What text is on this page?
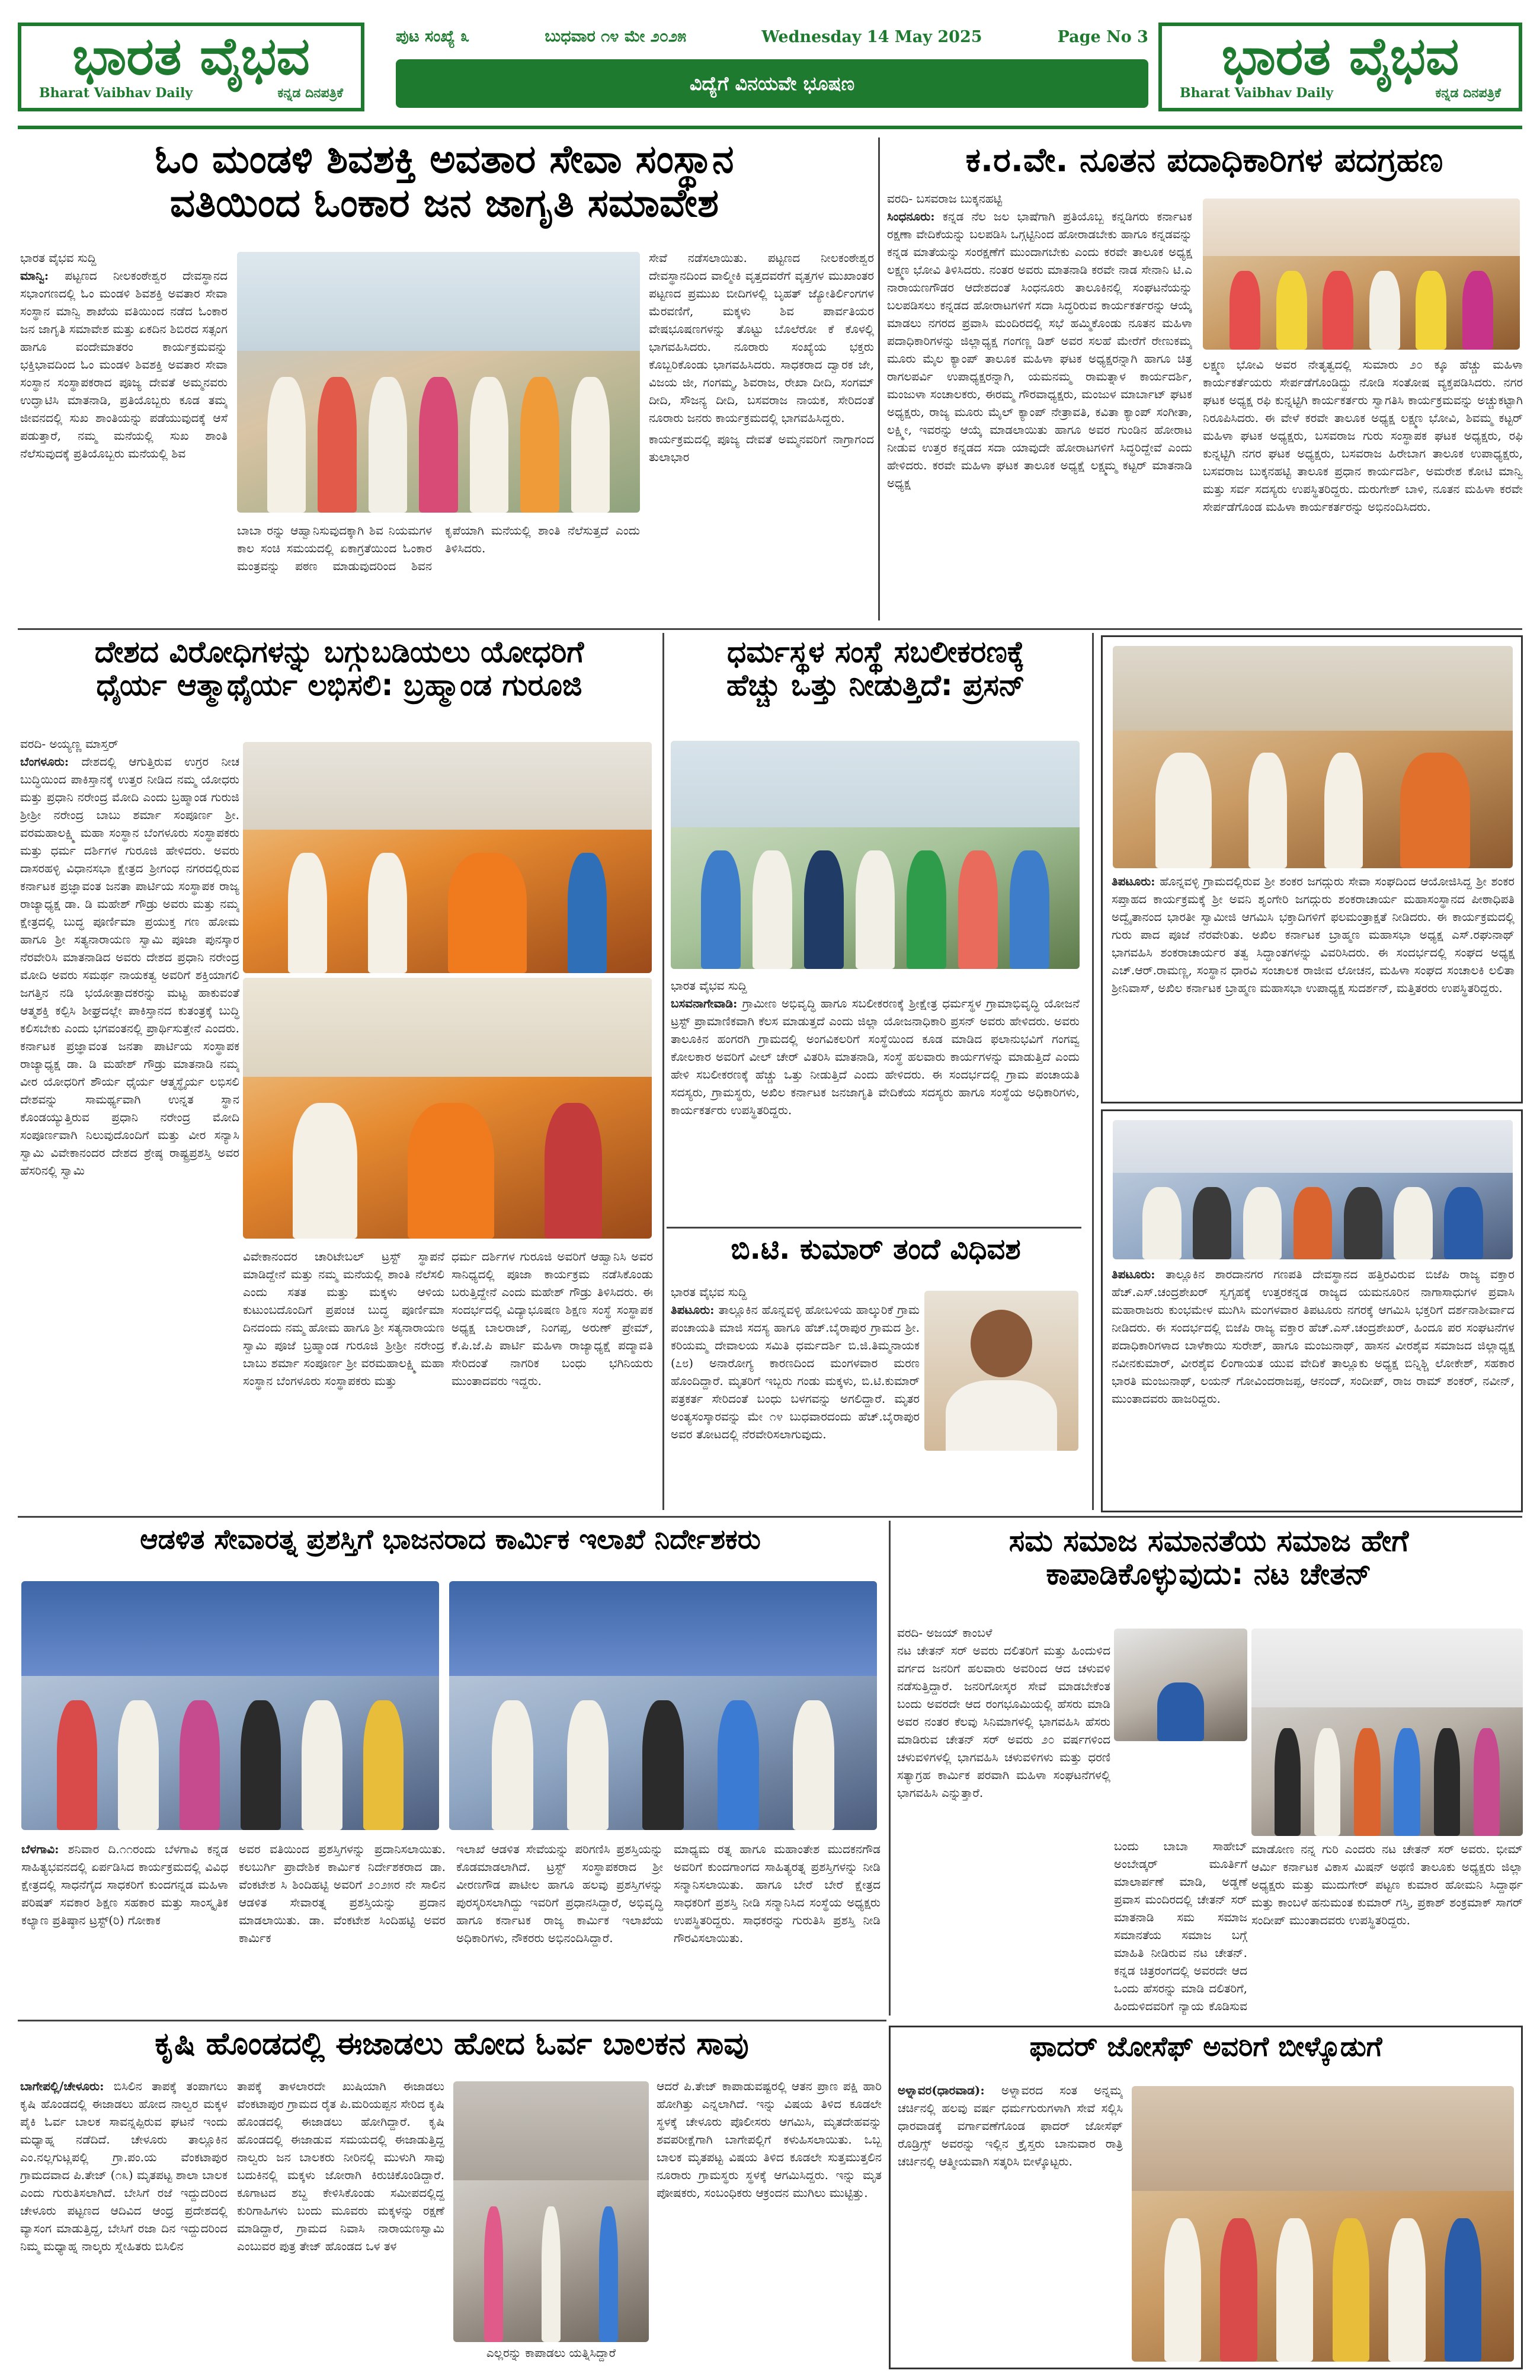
ಭಾರತ ವೈಭವ
Bharat Vaibhav Daily	ಕನ್ನಡ ದಿನಪತ್ರಿಕೆ
ಪುಟ ಸಂಖ್ಯೆ ೩	ಬುಧವಾರ ೧೪ ಮೇ ೨೦೨೫	Wednesday 14 May 2025	Page No 3
ವಿದ್ಯೆಗೆ ವಿನಯವೇ ಭೂಷಣ	ಭಾರತ ವೈಭವ
Bharat Vaibhav Daily	ಕನ್ನಡ ದಿನಪತ್ರಿಕೆ
ಓಂ ಮಂಡಳಿ ಶಿವಶಕ್ತಿ ಅವತಾರ ಸೇವಾ ಸಂಸ್ಥಾನ
ವತಿಯಿಂದ ಓಂಕಾರ ಜನ ಜಾಗೃತಿ ಸಮಾವೇಶ
ಭಾರತ ವೈಭವ ಸುದ್ದಿ
ಮಾನ್ವಿ: ಪಟ್ಟಣದ ನೀಲಕಂಠೇಶ್ವರ ದೇವಸ್ಥಾನದ ಸಭಾಂಗಣದಲ್ಲಿ ಓಂ ಮಂಡಳಿ ಶಿವಶಕ್ತಿ ಅವತಾರ ಸೇವಾ ಸಂಸ್ಥಾನ ಮಾನ್ವಿ ಶಾಖೆಯ ವತಿಯಿಂದ ನಡೆದ ಓಂಕಾರ ಜನ ಜಾಗೃತಿ ಸಮಾವೇಶ ಮತ್ತು ಏಕದಿನ ಶಿಬಿರದ ಸತ್ಸಂಗ ಹಾಗೂ ವಂದೇಮಾತರಂ ಕಾರ್ಯಕ್ರಮವನ್ನು ಭಕ್ತಿಭಾವದಿಂದ ಓಂ ಮಂಡಳಿ ಶಿವಶಕ್ತಿ ಅವತಾರ ಸೇವಾ ಸಂಸ್ಥಾನ ಸಂಸ್ಥಾಪಕರಾದ ಪೂಜ್ಯ ದೇವತೆ ಅಮ್ಮನವರು ಉದ್ಘಾಟಿಸಿ ಮಾತನಾಡಿ, ಪ್ರತಿಯೊಬ್ಬರು ಕೂಡ ತಮ್ಮ ಜೀವನದಲ್ಲಿ ಸುಖ ಶಾಂತಿಯನ್ನು ಪಡೆಯುವುದಕ್ಕೆ ಆಸೆ ಪಡುತ್ತಾರೆ, ನಮ್ಮ ಮನೆಯಲ್ಲಿ ಸುಖ ಶಾಂತಿ ನೆಲೆಸುವುದಕ್ಕೆ ಪ್ರತಿಯೊಬ್ಬರು ಮನೆಯಲ್ಲಿ ಶಿವ
ಬಾಬಾ ರನ್ನು ಆಹ್ವಾನಿಸುವುದಕ್ಕಾಗಿ ಶಿವ ನಿಯಮಗಳ ಕಾಲ ಸಂಚಿ ಸಮಯದಲ್ಲಿ ಏಕಾಗ್ರತೆಯಿಂದ ಓಂಕಾರ ಮಂತ್ರವನ್ನು ಪಠಣ ಮಾಡುವುದರಿಂದ ಶಿವನ ಕೃಪೆಯಾಗಿ ಮನೆಯಲ್ಲಿ ಶಾಂತಿ ನೆಲೆಸುತ್ತದೆ ಎಂದು ತಿಳಿಸಿದರು.
ಸೇವೆ ನಡೆಸಲಾಯಿತು. ಪಟ್ಟಣದ ನೀಲಕಂಠೇಶ್ವರ ದೇವಸ್ಥಾನದಿಂದ ವಾಲ್ಮೀಕಿ ವೃತ್ತದವರೆಗೆ ವೃತ್ತಗಳ ಮುಖಾಂತರ ಪಟ್ಟಣದ ಪ್ರಮುಖ ಬೀದಿಗಳಲ್ಲಿ ಬೃಹತ್ ಜ್ಯೋತಿರ್ಲಿಂಗಗಳ ಮೆರವಣಿಗೆ, ಮಕ್ಕಳು ಶಿವ ಪಾರ್ವತಿಯರ ವೇಷಭೂಷಣಗಳನ್ನು ತೊಟ್ಟು ಬೊಲೆರೋ ಕೆ ಕೊಳಲ್ಲಿ ಭಾಗವಹಿಸಿದರು. ನೂರಾರು ಸಂಖ್ಯೆಯ ಭಕ್ತರು ಕೊಬ್ಬರಿಕೊಂಡು ಭಾಗವಹಿಸಿದರು. ಸಾಧಕರಾದ ದ್ವಾರಕ ಜೇ, ವಿಜಯ ಜೀ, ಗಂಗಮ್ಮ, ಶಿವರಾಜ, ರೇಖಾ ದೀದಿ, ಸಂಗಮ್ ದೀದಿ, ಸೌಜನ್ಯ ದೀದಿ, ಬಸವರಾಜ ನಾಯಕ, ಸೇರಿದಂತೆ ನೂರಾರು ಜನರು ಕಾರ್ಯಕ್ರಮದಲ್ಲಿ ಭಾಗವಹಿಸಿದ್ದರು.
ಕಾರ್ಯಕ್ರಮದಲ್ಲಿ ಪೂಜ್ಯ ದೇವತೆ ಅಮ್ಮನವರಿಗೆ ನಾಗ್ರಾಗಂದ ತುಲಾಭಾರ
ಕ.ರ.ವೇ. ನೂತನ ಪದಾಧಿಕಾರಿಗಳ ಪದಗ್ರಹಣ
ವರದಿ- ಬಸವರಾಜ ಬುಕ್ಕನಹಟ್ಟಿ
ಸಿಂಧನೂರು: ಕನ್ನಡ ನೆಲ ಜಲ ಭಾಷೆಗಾಗಿ ಪ್ರತಿಯೊಬ್ಬ ಕನ್ನಡಿಗರು ಕರ್ನಾಟಕ ರಕ್ಷಣಾ ವೇದಿಕೆಯನ್ನು ಬಲಪಡಿಸಿ ಒಗ್ಗಟ್ಟಿನಿಂದ ಹೋರಾಡಬೇಕು ಹಾಗೂ ಕನ್ನಡವನ್ನು ಕನ್ನಡ ಮಾತೆಯನ್ನು ಸಂರಕ್ಷಣೆಗೆ ಮುಂದಾಗಬೇಕು ಎಂದು ಕರವೇ ತಾಲೂಕ ಅಧ್ಯಕ್ಷ ಲಕ್ಷ್ಮಣ ಭೋವಿ ತಿಳಿಸಿದರು. ನಂತರ ಅವರು ಮಾತನಾಡಿ ಕರವೇ ನಾಡ ಸೇನಾನಿ ಟಿ.ಎ ನಾರಾಯಣಗೌಡರ ಆದೇಶದಂತೆ ಸಿಂಧನೂರು ತಾಲೂಕಿನಲ್ಲಿ ಸಂಘಟನೆಯನ್ನು ಬಲಪಡಿಸಲು ಕನ್ನಡದ ಹೋರಾಟಗಳಿಗೆ ಸದಾ ಸಿದ್ಧರಿರುವ ಕಾರ್ಯಕರ್ತರನ್ನು ಆಯ್ಕೆ ಮಾಡಲು ನಗರದ ಪ್ರವಾಸಿ ಮಂದಿರದಲ್ಲಿ ಸಭೆ ಹಮ್ಮಿಕೊಂಡು ನೂತನ ಮಹಿಳಾ ಪದಾಧಿಕಾರಿಗಳನ್ನು ಜಿಲ್ಲಾಧ್ಯಕ್ಷ ಗಂಗಣ್ಣ ಡಿಶ್ ಅವರ ಸಲಹೆ ಮೇರೆಗೆ ರೇಣುಕಮ್ಮ ಮೂರು ಮೈಲ ಕ್ಯಾಂಪ್ ತಾಲೂಕ ಮಹಿಳಾ ಘಟಕ ಅಧ್ಯಕ್ಷರನ್ನಾಗಿ ಹಾಗೂ ಚಿತ್ರ ರಾಗಲಪರ್ವಿ ಉಪಾಧ್ಯಕ್ಷರನ್ನಾಗಿ, ಯಮನಮ್ಮ ರಾಮತ್ನಾಳ ಕಾರ್ಯದರ್ಶಿ, ಮಂಜುಳಾ ಸಂಚಾಲಕರು, ಈರಮ್ಮ ಗೌರವಾಧ್ಯಕ್ಷರು, ಮಂಜುಳ ಮಾರ್ಬಾಟ್ ಘಟಕ ಅಧ್ಯಕ್ಷರು, ರಾಜ್ಯ ಮೂರು ಮೈಲ್ ಕ್ಯಾಂಪ್ ನೇತ್ರಾವತಿ, ಕವಿತಾ ಕ್ಯಾಂಪ್ ಸಂಗೀತಾ, ಲಕ್ಷ್ಮೀ, ಇವರನ್ನು ಆಯ್ಕೆ ಮಾಡಲಾಯಿತು ಹಾಗೂ ಅವರ ಗುಂಡಿನ ಹೋರಾಟ ನೀಡುವ ಉತ್ತರ ಕನ್ನಡದ ಸದಾ ಯಾವುದೇ ಹೋರಾಟಗಳಿಗೆ ಸಿದ್ಧರಿದ್ದೇವೆ ಎಂದು ಹೇಳಿದರು. ಕರವೇ ಮಹಿಳಾ ಘಟಕ ತಾಲೂಕ ಅಧ್ಯಕ್ಷೆ ಲಕ್ಷ್ಮಮ್ಮ ಕಟ್ಟರ್ ಮಾತನಾಡಿ ಅಧ್ಯಕ್ಷ
ಲಕ್ಷ್ಮಣ ಭೋವಿ ಅವರ ನೇತೃತ್ವದಲ್ಲಿ ಸುಮಾರು ೨೦ ಕ್ಕೂ ಹೆಚ್ಚು ಮಹಿಳಾ ಕಾರ್ಯಕರ್ತೆಯರು ಸೇರ್ಪಡೆಗೊಂಡಿದ್ದು ನೋಡಿ ಸಂತೋಷ ವ್ಯಕ್ತಪಡಿಸಿದರು. ನಗರ ಘಟಕ ಅಧ್ಯಕ್ಷ ರಫಿ ಕುನ್ನಟ್ಟಿಗಿ ಕಾರ್ಯಕರ್ತರು ಸ್ವಾಗತಿಸಿ ಕಾರ್ಯಕ್ರಮವನ್ನು ಅಚ್ಚುಕಟ್ಟಾಗಿ ನಿರೂಪಿಸಿದರು. ಈ ವೇಳೆ ಕರವೇ ತಾಲೂಕ ಅಧ್ಯಕ್ಷ ಲಕ್ಷ್ಮಣ ಭೋವಿ, ಶಿವಮ್ಮ ಕಟ್ಟರ್ ಮಹಿಳಾ ಘಟಕ ಅಧ್ಯಕ್ಷರು, ಬಸವರಾಜ ಗುರು ಸಂಸ್ಥಾಪಕ ಘಟಕ ಅಧ್ಯಕ್ಷರು, ರಫಿ ಕುನ್ನಟ್ಟಿಗಿ ನಗರ ಘಟಕ ಅಧ್ಯಕ್ಷರು, ಬಸವರಾಜ ಹಿರೇಬಾಗ ತಾಲೂಕ ಉಪಾಧ್ಯಕ್ಷರು, ಬಸವರಾಜ ಬುಕ್ಕನಹಟ್ಟಿ ತಾಲೂಕ ಪ್ರಧಾನ ಕಾರ್ಯದರ್ಶಿ, ಅಮರೇಶ ಕೋಟಿ ಮಾನ್ವಿ ಮತ್ತು ಸರ್ವ ಸದಸ್ಯರು ಉಪಸ್ಥಿತರಿದ್ದರು. ದುರುಗೇಶ್ ಬಾಳಿ, ನೂತನ ಮಹಿಳಾ ಕರವೇ ಸೇರ್ಪಡೆಗೊಂಡ ಮಹಿಳಾ ಕಾರ್ಯಕರ್ತರನ್ನು ಅಭಿನಂದಿಸಿದರು.
ದೇಶದ ವಿರೋಧಿಗಳನ್ನು ಬಗ್ಗುಬಡಿಯಲು ಯೋಧರಿಗೆ
ಧೈರ್ಯ ಆತ್ಮಾಥೈರ್ಯ ಲಭಿಸಲಿ: ಬ್ರಹ್ಮಾಂಡ ಗುರೂಜಿ
ವರದಿ- ಅಯ್ಯಣ್ಣ ಮಾಸ್ತರ್
ಬೆಂಗಳೂರು: ದೇಶದಲ್ಲಿ ಆಗುತ್ತಿರುವ ಉಗ್ರರ ನೀಚ ಬುದ್ಧಿಯಿಂದ ಪಾಕಿಸ್ತಾನಕ್ಕೆ ಉತ್ತರ ನೀಡಿದ ನಮ್ಮ ಯೋಧರು ಮತ್ತು ಪ್ರಧಾನಿ ನರೇಂದ್ರ ಮೋದಿ ಎಂದು ಬ್ರಹ್ಮಾಂಡ ಗುರುಜಿ ಶ್ರೀಶ್ರೀ ನರೇಂದ್ರ ಬಾಬು ಶರ್ಮಾ ಸಂಪೂರ್ಣ ಶ್ರೀ. ವರಮಹಾಲಕ್ಷ್ಮಿ ಮಹಾ ಸಂಸ್ಥಾನ ಬೆಂಗಳೂರು ಸಂಸ್ಥಾಪಕರು ಮತ್ತು ಧರ್ಮ ದರ್ಶಿಗಳ ಗುರೂಜಿ ಹೇಳಿದರು. ಅವರು ದಾಸರಹಳ್ಳಿ ವಿಧಾನಸಭಾ ಕ್ಷೇತ್ರದ ಶ್ರೀಗಂಧ ನಗರದಲ್ಲಿರುವ ಕರ್ನಾಟಕ ಪ್ರಜ್ಞಾವಂತ ಜನತಾ ಪಾರ್ಟಿಯ ಸಂಸ್ಥಾಪಕ ರಾಜ್ಯ ರಾಜ್ಯಾಧ್ಯಕ್ಷ ಡಾ. ಡಿ ಮಹೇಶ್ ಗೌಡ್ರು ಅವರು ಮತ್ತು ನಮ್ಮ ಕ್ಷೇತ್ರದಲ್ಲಿ ಬುದ್ಧ ಪೂರ್ಣಿಮಾ ಪ್ರಯುಕ್ತ ಗಣ ಹೋಮ ಹಾಗೂ ಶ್ರೀ ಸತ್ಯನಾರಾಯಣ ಸ್ವಾಮಿ ಪೂಜಾ ಪುನಸ್ಕಾರ ನೆರವೇರಿಸಿ ಮಾತನಾಡಿದ ಅವರು ದೇಶದ ಪ್ರಧಾನಿ ನರೇಂದ್ರ ಮೋದಿ ಅವರು ಸಮರ್ಥ ನಾಯಕತ್ವ ಅವರಿಗೆ ಶಕ್ತಿಯಾಗಲಿ ಜಗತ್ತಿನ ನಡಿ ಭಯೋತ್ಪಾದಕರನ್ನು ಮಟ್ಟ ಹಾಕುವಂತೆ ಆತ್ಮಶಕ್ತಿ ಕಲ್ಪಿಸಿ ಶೀಘ್ರದಲ್ಲೇ ಪಾಕಿಸ್ತಾನದ ಕುತಂತ್ರಕ್ಕೆ ಬುದ್ಧಿ ಕಲಿಸಬೇಕು ಎಂದು ಭಗವಂತನಲ್ಲಿ ಪ್ರಾರ್ಥಿಸುತ್ತೇನೆ ಎಂದರು. ಕರ್ನಾಟಕ ಪ್ರಜ್ಞಾವಂತ ಜನತಾ ಪಾರ್ಟಿಯ ಸಂಸ್ಥಾಪಕ ರಾಜ್ಯಾಧ್ಯಕ್ಷ ಡಾ. ಡಿ ಮಹೇಶ್ ಗೌಡ್ರು ಮಾತನಾಡಿ ನಮ್ಮ ವೀರ ಯೋಧರಿಗೆ ಶೌರ್ಯ ಧೈರ್ಯ ಆತ್ಮಸ್ಥೈರ್ಯ ಲಭಿಸಲಿ ದೇಶವನ್ನು ಸಾಮರ್ಥ್ಯವಾಗಿ ಉನ್ನತ ಸ್ಥಾನ ಕೊಂಡಯ್ಯುತ್ತಿರುವ ಪ್ರಧಾನಿ ನರೇಂದ್ರ ಮೋದಿ ಸಂಪೂರ್ಣವಾಗಿ ನಿಲುವುದೊಂದಿಗೆ ಮತ್ತು ವೀರ ಸನ್ಯಾಸಿ ಸ್ವಾಮಿ ವಿವೇಕಾನಂದರ ದೇಶದ ಶ್ರೇಷ್ಠ ರಾಷ್ಟ್ರಪ್ರಶಸ್ತಿ ಅವರ ಹೆಸರಿನಲ್ಲಿ ಸ್ವಾಮಿ
ವಿವೇಕಾನಂದರ ಚಾರಿಟೇಬಲ್ ಟ್ರಸ್ಟ್ ಸ್ಥಾಪನೆ ಮಾಡಿದ್ದೇನೆ ಮತ್ತು ನಮ್ಮ ಮನೆಯಲ್ಲಿ ಶಾಂತಿ ನೆಲೆಸಲಿ ಎಂದು ಸತತ ಮತ್ತು ಮಕ್ಕಳು ಆಳಿಯ ಕುಟುಂಬದೊಂದಿಗೆ ಪ್ರಪಂಚ ಬುದ್ಧ ಪೂರ್ಣಿಮಾ ದಿನದಂದು ನಮ್ಮ ಹೋಮ ಹಾಗೂ ಶ್ರೀ ಸತ್ಯನಾರಾಯಣ ಸ್ವಾಮಿ ಪೂಜೆ ಬ್ರಹ್ಮಾಂಡ ಗುರೂಜಿ ಶ್ರೀಶ್ರೀ ನರೇಂದ್ರ ಬಾಬು ಶರ್ಮಾ ಸಂಪೂರ್ಣ ಶ್ರೀ ವರಮಹಾಲಕ್ಷ್ಮಿ ಮಹಾ ಸಂಸ್ಥಾನ ಬೆಂಗಳೂರು ಸಂಸ್ಥಾಪಕರು ಮತ್ತು
ಧರ್ಮ ದರ್ಶಿಗಳ ಗುರೂಜಿ ಅವರಿಗೆ ಆಹ್ವಾನಿಸಿ ಅವರ ಸಾನಿಧ್ಯದಲ್ಲಿ ಪೂಜಾ ಕಾರ್ಯಕ್ರಮ ನಡೆಸಿಕೊಂಡು ಬರುತ್ತಿದ್ದೇನೆ ಎಂದು ಮಹೇಶ್ ಗೌಡ್ರು ತಿಳಿಸಿದರು. ಈ ಸಂದರ್ಭದಲ್ಲಿ ವಿದ್ಯಾಭೂಷಣ ಶಿಕ್ಷಣ ಸಂಸ್ಥೆ ಸಂಸ್ಥಾಪಕ ಅಧ್ಯಕ್ಷ ಬಾಲರಾಜ್, ನಿಂಗಪ್ಪ, ಅರುಣ್ ಪ್ರೇಮ್, ಕೆ.ಪಿ.ಜೆ.ಪಿ ಪಾರ್ಟಿ ಮಹಿಳಾ ರಾಜ್ಯಾಧ್ಯಕ್ಷೆ ಪದ್ಮಾವತಿ ಸೇರಿದಂತೆ ನಾಗರಿಕ ಬಂಧು ಭಗಿನಿಯರು ಮುಂತಾದವರು ಇದ್ದರು.
ಧರ್ಮಸ್ಥಳ ಸಂಸ್ಥೆ ಸಬಲೀಕರಣಕ್ಕೆ
ಹೆಚ್ಚು ಒತ್ತು ನೀಡುತ್ತಿದೆ: ಪ್ರಸನ್
ಭಾರತ ವೈಭವ ಸುದ್ದಿ
ಬಸವನಾಗೇವಾಡಿ: ಗ್ರಾಮೀಣ ಅಭಿವೃದ್ಧಿ ಹಾಗೂ ಸಬಲೀಕರಣಕ್ಕೆ ಶ್ರೀಕ್ಷೇತ್ರ ಧರ್ಮಸ್ಥಳ ಗ್ರಾಮಾಭಿವೃದ್ಧಿ ಯೋಜನೆ ಟ್ರಸ್ಟ್ ಪ್ರಾಮಾಣಿಕವಾಗಿ ಕೆಲಸ ಮಾಡುತ್ತದೆ ಎಂದು ಜಿಲ್ಲಾ ಯೋಜನಾಧಿಕಾರಿ ಪ್ರಸನ್ ಅವರು ಹೇಳಿದರು. ಅವರು ತಾಲೂಕಿನ ಹಂಗರಗಿ ಗ್ರಾಮದಲ್ಲಿ ಅಂಗವಿಕಲರಿಗೆ ಸಂಸ್ಥೆಯಿಂದ ಕೂಡ ಮಾಡಿದ ಫಲಾನುಭವಿಗೆ ಗಂಗವ್ವ ಕೋಲಕಾರ ಅವರಿಗೆ ವೀಲ್ ಚೇರ್ ವಿತರಿಸಿ ಮಾತನಾಡಿ, ಸಂಸ್ಥೆ ಹಲವಾರು ಕಾರ್ಯಗಳನ್ನು ಮಾಡುತ್ತಿದೆ ಎಂದು ಹೇಳಿ ಸಬಲೀಕರಣಕ್ಕೆ ಹೆಚ್ಚು ಒತ್ತು ನೀಡುತ್ತಿದೆ ಎಂದು ಹೇಳಿದರು. ಈ ಸಂದರ್ಭದಲ್ಲಿ ಗ್ರಾಮ ಪಂಚಾಯತಿ ಸದಸ್ಯರು, ಗ್ರಾಮಸ್ಥರು, ಅಖಿಲ ಕರ್ನಾಟಕ ಜನಜಾಗೃತಿ ವೇದಿಕೆಯ ಸದಸ್ಯರು ಹಾಗೂ ಸಂಸ್ಥೆಯ ಅಧಿಕಾರಿಗಳು, ಕಾರ್ಯಕರ್ತರು ಉಪಸ್ಥಿತರಿದ್ದರು.
ಬಿ.ಟಿ. ಕುಮಾರ್ ತಂದೆ ವಿಧಿವಶ
ಭಾರತ ವೈಭವ ಸುದ್ದಿ
ತಿಪಟೂರು: ತಾಲ್ಲೂಕಿನ ಹೊನ್ನವಳ್ಳಿ ಹೋಬಳಿಯ ಹಾಲ್ಕುರಿಕೆ ಗ್ರಾಮ ಪಂಚಾಯತಿ ಮಾಜಿ ಸದಸ್ಯ ಹಾಗೂ ಹೆಚ್.ಬೈರಾಪುರ ಗ್ರಾಮದ ಶ್ರೀ. ಕರಿಯಮ್ಮ ದೇವಾಲಯ ಸಮಿತಿ ಧರ್ಮದರ್ಶಿ ಬಿ.ಜಿ.ತಿಮ್ಮನಾಯಕ (೭೮) ಅನಾರೋಗ್ಯ ಕಾರಣದಿಂದ ಮಂಗಳವಾರ ಮರಣ ಹೊಂದಿದ್ದಾರೆ. ಮೃತರಿಗೆ ಇಬ್ಬರು ಗಂಡು ಮಕ್ಕಳು, ಬಿ.ಟಿ.ಕುಮಾರ್ ಪತ್ರಕರ್ತ ಸೇರಿದಂತೆ ಬಂಧು ಬಳಗವನ್ನು ಅಗಲಿದ್ದಾರೆ. ಮೃತರ ಅಂತ್ಯಸಂಸ್ಕಾರವನ್ನು ಮೇ ೧೪ ಬುಧವಾರದಂದು ಹೆಚ್.ಬೈರಾಪುರ ಅವರ ತೋಟದಲ್ಲಿ ನೆರವೇರಿಸಲಾಗುವುದು.
ತಿಪಟೂರು: ಹೊನ್ನವಳ್ಳಿ ಗ್ರಾಮದಲ್ಲಿರುವ ಶ್ರೀ ಶಂಕರ ಜಗದ್ಗುರು ಸೇವಾ ಸಂಘದಿಂದ ಆಯೋಜಿಸಿದ್ದ ಶ್ರೀ ಶಂಕರ ಸಪ್ತಾಹದ ಕಾರ್ಯಕ್ರಮಕ್ಕೆ ಶ್ರೀ ಅವನಿ ಶೃಂಗೇರಿ ಜಗದ್ಗುರು ಶಂಕರಾಚಾರ್ಯ ಮಹಾಸಂಸ್ಥಾನದ ಪೀಠಾಧಿಪತಿ ಅದ್ವೈತಾನಂದ ಭಾರತೀ ಸ್ವಾಮೀಜಿ ಆಗಮಿಸಿ ಭಕ್ತಾದಿಗಳಿಗೆ ಫಲಮಂತ್ರಾಕ್ಷತೆ ನೀಡಿದರು. ಈ ಕಾರ್ಯಕ್ರಮದಲ್ಲಿ ಗುರು ಪಾದ ಪೂಜೆ ನೆರವೇರಿತು. ಅಖಿಲ ಕರ್ನಾಟಕ ಬ್ರಾಹ್ಮಣ ಮಹಾಸಭಾ ಅಧ್ಯಕ್ಷ ಎಸ್.ರಘುನಾಥ್ ಭಾಗವಹಿಸಿ ಶಂಕರಾಚಾರ್ಯರ ತತ್ವ ಸಿದ್ಧಾಂತಗಳನ್ನು ವಿವರಿಸಿದರು. ಈ ಸಂದರ್ಭದಲ್ಲಿ ಸಂಘದ ಅಧ್ಯಕ್ಷ ಎಚ್.ಆರ್.ರಾಮಣ್ಣ, ಸಂಸ್ಥಾನ ಧಾರವಿ ಸಂಚಾಲಕ ರಾಜೀವ ಲೋಚನ, ಮಹಿಳಾ ಸಂಘದ ಸಂಚಾಲಕಿ ಲಲಿತಾ ಶ್ರೀನಿವಾಸ್, ಅಖಿಲ ಕರ್ನಾಟಕ ಬ್ರಾಹ್ಮಣ ಮಹಾಸಭಾ ಉಪಾಧ್ಯಕ್ಷ ಸುದರ್ಶನ್, ಮತ್ತಿತರರು ಉಪಸ್ಥಿತರಿದ್ದರು.
ತಿಪಟೂರು: ತಾಲ್ಲೂಕಿನ ಶಾರದಾನಗರ ಗಣಪತಿ ದೇವಸ್ಥಾನದ ಹತ್ತಿರವಿರುವ ಬಿಜೆಪಿ ರಾಜ್ಯ ವಕ್ತಾರ ಹೆಚ್.ಎಸ್.ಚಂದ್ರಶೇಖರ್ ಸ್ವಗೃಹಕ್ಕೆ ಉತ್ತರಕನ್ನಡ ರಾಜ್ಯದ ಯಮನೂರಿನ ನಾಗಾಸಾಧುಗಳ ಪ್ರವಾಸಿ ಮಹಾರಾಜರು ಕುಂಭಮೇಳ ಮುಗಿಸಿ ಮಂಗಳವಾರ ತಿಪಟೂರು ನಗರಕ್ಕೆ ಆಗಮಿಸಿ ಭಕ್ತರಿಗೆ ದರ್ಶನಾಶೀರ್ವಾದ ನೀಡಿದರು. ಈ ಸಂದರ್ಭದಲ್ಲಿ ಬಿಜೆಪಿ ರಾಜ್ಯ ವಕ್ತಾರ ಹೆಚ್.ಎಸ್.ಚಂದ್ರಶೇಖರ್, ಹಿಂದೂ ಪರ ಸಂಘಟನೆಗಳ ಪದಾಧಿಕಾರಿಗಳಾದ ಬಾಳೆಕಾಯಿ ಸುರೇಶ್, ಹಾಗೂ ಮಂಜುನಾಥ್, ಹಾಸನ ವೀರಶೈವ ಸಮಾಜದ ಜಿಲ್ಲಾಧ್ಯಕ್ಷ ನವೀನಕುಮಾರ್, ವೀರಶೈವ ಲಿಂಗಾಯತ ಯುವ ವೇದಿಕೆ ತಾಲ್ಲೂಕು ಅಧ್ಯಕ್ಷ ಬಿನ್ನಿಶ್ಚಿ ಲೋಕೇಶ್, ಸಹಕಾರ ಭಾರತಿ ಮಂಜುನಾಥ್, ಲಯನ್ ಗೋವಿಂದರಾಜಪ್ಪ, ಆನಂದ್, ಸಂದೀಪ್, ರಾಜ ರಾಮ್ ಶಂಕರ್, ನವೀನ್, ಮುಂತಾದವರು ಹಾಜರಿದ್ದರು.
ಆಡಳಿತ ಸೇವಾರತ್ನ ಪ್ರಶಸ್ತಿಗೆ ಭಾಜನರಾದ ಕಾರ್ಮಿಕ ಇಲಾಖೆ ನಿರ್ದೇಶಕರು
ಬೆಳಗಾವಿ: ಶನಿವಾರ ದಿ.೧೧ರಂದು ಬೆಳಗಾವಿ ಕನ್ನಡ ಸಾಹಿತ್ಯಭವನದಲ್ಲಿ ಏರ್ಪಡಿಸಿದ ಕಾರ್ಯಕ್ರಮದಲ್ಲಿ ವಿವಿಧ ಕ್ಷೇತ್ರದಲ್ಲಿ ಸಾಧನೆಗೈದ ಸಾಧಕರಿಗೆ ಕುಂದಗನ್ನಡ ಮಹಿಳಾ ಪರಿಷತ್ ಸವಕಾರ ಶಿಕ್ಷಣ ಸಹಕಾರ ಮತ್ತು ಸಾಂಸ್ಕೃತಿಕ ಕಲ್ಯಾಣ ಪ್ರತಿಷ್ಠಾನ ಟ್ರಸ್ಟ್(ರಿ) ಗೋಕಾಕ
ಅವರ ವತಿಯಿಂದ ಪ್ರಶಸ್ತಿಗಳನ್ನು ಪ್ರದಾನಿಸಲಾಯಿತು. ಕಲಬುರ್ಗಿ ಪ್ರಾದೇಶಿಕ ಕಾರ್ಮಿಕ ನಿರ್ದೇಶಕರಾದ ಡಾ. ವೆಂಕಟೇಶ ಸಿ ಶಿಂದಿಹಟ್ಟಿ ಅವರಿಗೆ ೨೦೨೫ರ ನೇ ಸಾಲಿನ ಆಡಳಿತ ಸೇವಾರತ್ನ ಪ್ರಶಸ್ತಿಯನ್ನು ಪ್ರದಾನ ಮಾಡಲಾಯಿತು. ಡಾ. ವೆಂಕಟೇಶ ಸಿಂದಿಹಟ್ಟಿ ಅವರ ಕಾರ್ಮಿಕ
ಇಲಾಖೆ ಆಡಳಿತ ಸೇವೆಯನ್ನು ಪರಿಗಣಿಸಿ ಪ್ರಶಸ್ತಿಯನ್ನು ಕೊಡಮಾಡಲಾಗಿದೆ. ಟ್ರಸ್ಟ್ ಸಂಸ್ಥಾಪಕರಾದ ಶ್ರೀ ವೀರಣಗೌಡ ಪಾಟೀಲ ಹಾಗೂ ಹಲವು ಪ್ರಶಸ್ತಿಗಳನ್ನು ಪುರಸ್ಕರಿಸಲಾಗಿದ್ದು ಇವರಿಗೆ ಪ್ರಧಾನಸಿದ್ದಾರೆ, ಅಭಿವೃದ್ಧಿ ಹಾಗೂ ಕರ್ನಾಟಕ ರಾಜ್ಯ ಕಾರ್ಮಿಕ ಇಲಾಖೆಯ ಅಧಿಕಾರಿಗಳು, ನೌಕರರು ಅಭಿನಂದಿಸಿದ್ದಾರೆ.
ಮಾಧ್ಯಮ ರತ್ನ ಹಾಗೂ ಮಹಾಂತೇಶ ಮುದಕನಗೌಡ ಅವರಿಗೆ ಕುಂದಗಾಂಗದ ಸಾಹಿತ್ಯರತ್ನ ಪ್ರಶಸ್ತಿಗಳನ್ನು ನೀಡಿ ಸನ್ಮಾನಿಸಲಾಯಿತು. ಹಾಗೂ ಬೇರೆ ಬೇರೆ ಕ್ಷೇತ್ರದ ಸಾಧಕರಿಗೆ ಪ್ರಶಸ್ತಿ ನೀಡಿ ಸನ್ಮಾನಿಸಿದ ಸಂಸ್ಥೆಯ ಅಧ್ಯಕ್ಷರು ಉಪಸ್ಥಿತರಿದ್ದರು. ಸಾಧಕರನ್ನು ಗುರುತಿಸಿ ಪ್ರಶಸ್ತಿ ನೀಡಿ ಗೌರವಿಸಲಾಯಿತು.
ಸಮ ಸಮಾಜ ಸಮಾನತೆಯ ಸಮಾಜ ಹೇಗೆ
ಕಾಪಾಡಿಕೊಳ್ಳುವುದು: ನಟ ಚೇತನ್
ವರದಿ- ಅಜಯ್ ಕಾಂಬಳೆ
ನಟ ಚೇತನ್ ಸರ್ ಅವರು ದಲಿತರಿಗೆ ಮತ್ತು ಹಿಂದುಳಿದ ವರ್ಗದ ಜನರಿಗೆ ಹಲವಾರು ಅವರಿಂದ ಆದ ಚಳುವಳಿ ನಡೆಸುತ್ತಿದ್ದಾರೆ. ಜನರಿಗೋಸ್ಕರ ಸೇವೆ ಮಾಡಬೇಕೆಂತ ಬಂದು ಅವರದೇ ಆದ ರಂಗಭೂಮಿಯಲ್ಲಿ ಹೆಸರು ಮಾಡಿ ಅವರ ನಂತರ ಕೆಲವು ಸಿನಿಮಾಗಳಲ್ಲಿ ಭಾಗವಹಿಸಿ ಹೆಸರು ಮಾಡಿರುವ ಚೇತನ್ ಸರ್ ಅವರು ೨೦ ವರ್ಷಗಳಿಂದ ಚಳುವಳಿಗಳಲ್ಲಿ ಭಾಗವಹಿಸಿ ಚಳುವಳಿಗಳು ಮತ್ತು ಧರಣಿ ಸತ್ಯಾಗ್ರಹ ಕಾರ್ಮಿಕ ಪರವಾಗಿ ಮಹಿಳಾ ಸಂಘಟನೆಗಳಲ್ಲಿ ಭಾಗವಹಿಸಿ ಎನ್ನುತ್ತಾರೆ.
ಬಂದು ಬಾಬಾ ಸಾಹೇಬ್ ಅಂಬೇಡ್ಕರ್ ಮೂರ್ತಿಗೆ ಮಾಲಾರ್ಪಣೆ ಮಾಡಿ, ಅಡ್ಡಣೆ ಪ್ರವಾಸ ಮಂದಿರದಲ್ಲಿ ಚೇತನ್ ಸರ್ ಮಾತನಾಡಿ ಸಮ ಸಮಾಜ ಸಮಾನತೆಯ ಸಮಾಜ ಬಗ್ಗೆ ಮಾಹಿತಿ ನೀಡಿರುವ ನಟ ಚೇತನ್. ಕನ್ನಡ ಚಿತ್ರರಂಗದಲ್ಲಿ ಅವರದೇ ಆದ ಒಂದು ಹೆಸರನ್ನು ಮಾಡಿ ದಲಿತರಿಗೆ, ಹಿಂದುಳಿದವರಿಗೆ ನ್ಯಾಯ ಕೊಡಿಸುವ
ಮಾಡೋಣ ನನ್ನ ಗುರಿ ಎಂದರು ನಟ ಚೇತನ್ ಸರ್ ಅವರು. ಭೀಮ್ ಆರ್ಮಿ ಕರ್ನಾಟಕ ವಿಕಾಸ ಮಿಷನ್ ಅಥಣಿ ತಾಲೂಕು ಅಧ್ಯಕ್ಷರು ಜಿಲ್ಲಾ ಅಧ್ಯಕ್ಷರು ಮತ್ತು ಮುದುಗೇರ್ ಪಟ್ಟಣ ಕುಮಾರ ಹೋಮನಿ ಸಿದ್ದಾರ್ಥ ಮತ್ತು ಕಾಂಬಳೆ ಹನುಮಂತ ಕುಮಾರ್ ಗಸ್ತಿ, ಪ್ರಕಾಶ್ ಶಂಕ್ರಮಾಕ್ ಸಾಗರ್ ಸಂದೀಪ್ ಮುಂತಾದವರು ಉಪಸ್ಥಿತರಿದ್ದರು.
ಕೃಷಿ ಹೊಂಡದಲ್ಲಿ ಈಜಾಡಲು ಹೋದ ಓರ್ವ ಬಾಲಕನ ಸಾವು
ಬಾಗೇಪಲ್ಲಿ/ಚೇಳೂರು: ಬಿಸಿಲಿನ ತಾಪಕ್ಕೆ ತಂಪಾಗಲು ಕೃಷಿ ಹೊಂಡದಲ್ಲಿ ಈಜಾಡಲು ಹೋದ ನಾಲ್ವರ ಮಕ್ಕಳ ಪೈಕಿ ಓರ್ವ ಬಾಲಕ ಸಾವನ್ನಪ್ಪಿರುವ ಘಟನೆ ಇಂದು ಮಧ್ಯಾಹ್ನ ನಡೆದಿದೆ. ಚೇಳೂರು ತಾಲ್ಲೂಕಿನ ಎಂ.ನಲ್ಲಗುಟ್ಲಪಲ್ಲಿ ಗ್ರಾ.ಪಂ.ಯ ವೆಂಕಟಾಪುರ ಗ್ರಾಮದವಾದ ಪಿ.ತೇಜ್ (೧೩) ಮೃತಪಟ್ಟ ಶಾಲಾ ಬಾಲಕ ಎಂದು ಗುರುತಿಸಲಾಗಿದೆ. ಬೇಸಿಗೆ ರಜೆ ಇದ್ದುದರಿಂದ ಚೇಳೂರು ಪಟ್ಟಣದ ಆದಿವಿದ ಆಂಧ್ರ ಪ್ರದೇಶದಲ್ಲಿ ವ್ಯಾಸಂಗ ಮಾಡುತ್ತಿದ್ದ, ಬೇಸಿಗೆ ರಜಾ ದಿನ ಇದ್ದುದರಿಂದ ನಿಮ್ಮ ಮಧ್ಯಾಹ್ನ ನಾಲ್ಕರು ಸ್ನೇಹಿತರು ಬಿಸಿಲಿನ
ತಾಪಕ್ಕೆ ತಾಳಲಾರದೇ ಖುಷಿಯಾಗಿ ಈಜಾಡಲು ವೆಂಕಟಾಪುರ ಗ್ರಾಮದ ರೈತ ಪಿ.ಮರಿಯಪ್ಪನ ಸೇರಿದ ಕೃಷಿ ಹೊಂಡದಲ್ಲಿ ಈಜಾಡಲು ಹೋಗಿದ್ದಾರೆ. ಕೃಷಿ ಹೊಂಡದಲ್ಲಿ ಈಜಾಡುವ ಸಮಯದಲ್ಲಿ ಈಜಾಡುತ್ತಿದ್ದ ನಾಲ್ವರು ಜನ ಬಾಲಕರು ನೀರಿನಲ್ಲಿ ಮುಳುಗಿ ಸಾವು ಬದುಕಿನಲ್ಲಿ ಮಕ್ಕಳು ಜೋರಾಗಿ ಕಿರುಚಿಕೊಂಡಿದ್ದಾರೆ. ಕೂಗಾಟದ ಶಬ್ದ ಕೇಳಿಸಿಕೊಂಡು ಸಮೀಪದಲ್ಲಿದ್ದ ಕುರಿಗಾಹಿಗಳು ಬಂದು ಮೂವರು ಮಕ್ಕಳನ್ನು ರಕ್ಷಣೆ ಮಾಡಿದ್ದಾರೆ, ಗ್ರಾಮದ ನಿವಾಸಿ ನಾರಾಯಣಸ್ವಾಮಿ ಎಂಬುವರ ಪುತ್ರ ತೇಜ್ ಹೊಂಡದ ಒಳ ತಳ
ಎಲ್ಲರನ್ನು ಕಾಪಾಡಲು ಯತ್ನಿಸಿದ್ದಾರೆ
ಆದರೆ ಪಿ.ತೇಜ್ ಕಾಪಾಡುವಷ್ಟರಲ್ಲಿ ಆತನ ಪ್ರಾಣ ಪಕ್ಷಿ ಹಾರಿ ಹೋಗಿತ್ತು ಎನ್ನಲಾಗಿದೆ. ಇನ್ನು ವಿಷಯ ತಿಳಿದ ಕೂಡಲೇ ಸ್ಥಳಕ್ಕೆ ಚೇಳೂರು ಪೊಲೀಸರು ಆಗಮಿಸಿ, ಮೃತದೇಹವನ್ನು ಶವಪರೀಕ್ಷೆಗಾಗಿ ಬಾಗೇಪಲ್ಲಿಗೆ ಕಳುಹಿಸಲಾಯಿತು. ಒಬ್ಬ ಬಾಲಕ ಮೃತಪಟ್ಟ ವಿಷಯ ತಿಳಿದ ಕೂಡಲೇ ಸುತ್ತಮುತ್ತಲಿನ ನೂರಾರು ಗ್ರಾಮಸ್ಥರು ಸ್ಥಳಕ್ಕೆ ಆಗಮಿಸಿದ್ದರು. ಇನ್ನು ಮೃತ ಪೋಷಕರು, ಸಂಬಂಧಿಕರು ಆಕ್ರಂದನ ಮುಗಿಲು ಮುಟ್ಟಿತ್ತು.
ಫಾದರ್ ಜೋಸೆಫ್ ಅವರಿಗೆ ಬೀಳ್ಕೊಡುಗೆ
ಅಳ್ನಾವರ(ಧಾರವಾಡ): ಅಳ್ನಾವರದ ಸಂತ ಅನ್ನಮ್ಮ ಚರ್ಚಿನಲ್ಲಿ ಹಲವು ವರ್ಷ ಧರ್ಮಗುರುಗಳಾಗಿ ಸೇವೆ ಸಲ್ಲಿಸಿ ಧಾರವಾಡಕ್ಕೆ ವರ್ಗಾವಣೆಗೊಂಡ ಫಾದರ್ ಜೋಸೆಫ್ ರೊಡ್ರಿಗ್ಸ್ ಅವರನ್ನು ಇಲ್ಲಿನ ಕ್ರೈಸ್ತರು ಬಾನುವಾರ ರಾತ್ರಿ ಚರ್ಚಿನಲ್ಲಿ ಆತ್ಮೀಯವಾಗಿ ಸತ್ಕರಿಸಿ ಬೀಳ್ಕೊಟ್ಟರು.
